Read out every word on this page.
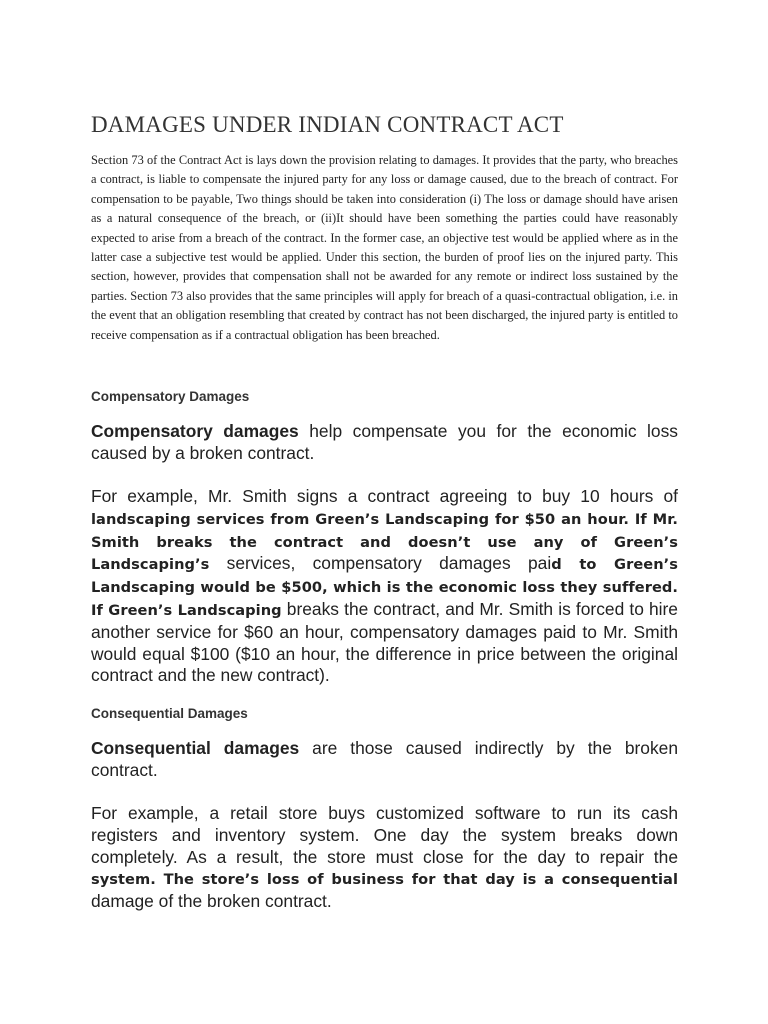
DAMAGES UNDER INDIAN CONTRACT ACT

Section 73 of the Contract Act is lays down the provision relating to damages. It provides that the party, who breaches a contract, is liable to compensate the injured party for any loss or damage caused, due to the breach of contract. For compensation to be payable, Two things should be taken into consideration (i) The loss or damage should have arisen as a natural consequence of the breach, or (ii)It should have been something the parties could have reasonably expected to arise from a breach of the contract. In the former case, an objective test would be applied where as in the latter case a subjective test would be applied. Under this section, the burden of proof lies on the injured party. This section, however, provides that compensation shall not be awarded for any remote or indirect loss sustained by the parties. Section 73 also provides that the same principles will apply for breach of a quasi-contractual obligation, i.e. in the event that an obligation resembling that created by contract has not been discharged, the injured party is entitled to receive compensation as if a contractual obligation has been breached.

Compensatory Damages

Compensatory damages help compensate you for the economic loss caused by a broken contract.

For example, Mr. Smith signs a contract agreeing to buy 10 hours of landscaping services from Green’s Landscaping for $50 an hour. If Mr. Smith breaks the contract and doesn’t use any of Green’s Landscaping’s services, compensatory damages paid to Green’s Landscaping would be $500, which is the economic loss they suffered. If Green’s Landscaping breaks the contract, and Mr. Smith is forced to hire another service for $60 an hour, compensatory damages paid to Mr. Smith would equal $100 ($10 an hour, the difference in price between the original contract and the new contract).

Consequential Damages

Consequential damages are those caused indirectly by the broken contract.

For example, a retail store buys customized software to run its cash registers and inventory system. One day the system breaks down completely. As a result, the store must close for the day to repair the system. The store’s loss of business for that day is a consequential damage of the broken contract.
